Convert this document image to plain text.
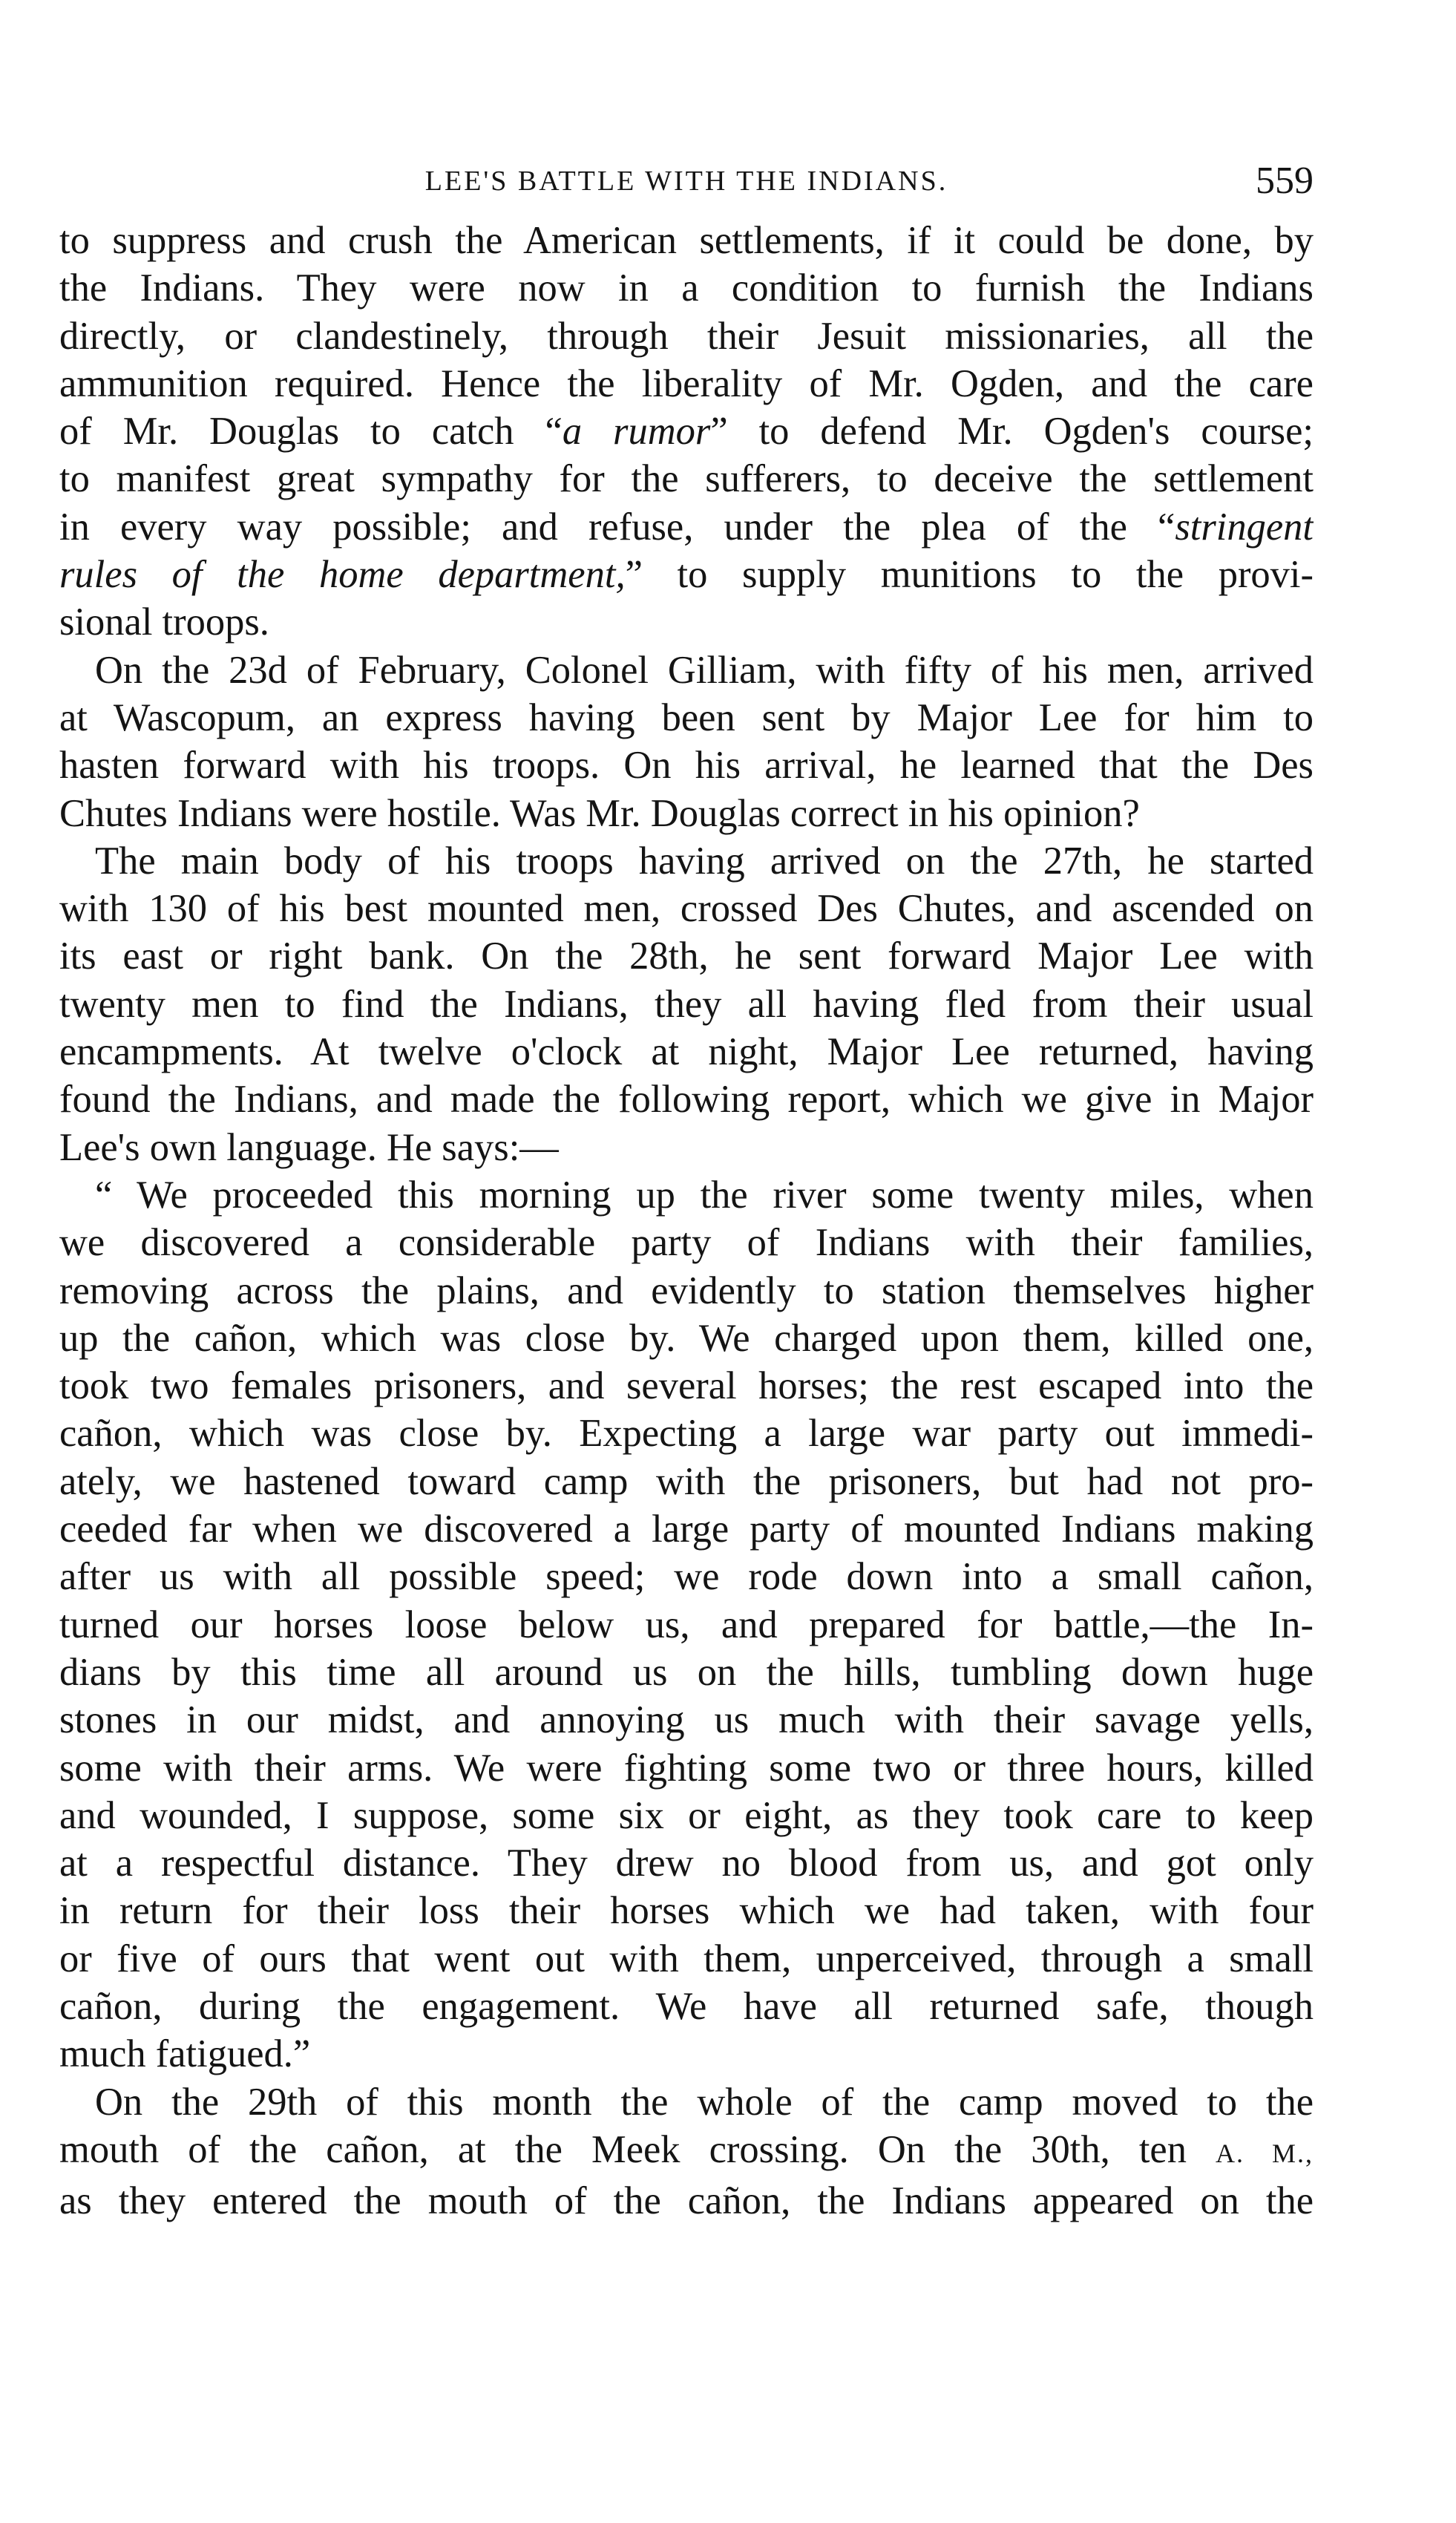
LEE'S BATTLE WITH THE INDIANS.	559

to suppress and crush the American settlements, if it could be done, by
the Indians. They were now in a condition to furnish the Indians
directly, or clandestinely, through their Jesuit missionaries, all the
ammunition required. Hence the liberality of Mr. Ogden, and the care
of Mr. Douglas to catch “a rumor” to defend Mr. Ogden's course;
to manifest great sympathy for the sufferers, to deceive the settlement
in every way possible; and refuse, under the plea of the “stringent
rules of the home department,” to supply munitions to the provi-
sional troops.

On the 23d of February, Colonel Gilliam, with fifty of his men, arrived
at Wascopum, an express having been sent by Major Lee for him to
hasten forward with his troops. On his arrival, he learned that the Des
Chutes Indians were hostile. Was Mr. Douglas correct in his opinion?

The main body of his troops having arrived on the 27th, he started
with 130 of his best mounted men, crossed Des Chutes, and ascended on
its east or right bank. On the 28th, he sent forward Major Lee with
twenty men to find the Indians, they all having fled from their usual
encampments. At twelve o'clock at night, Major Lee returned, having
found the Indians, and made the following report, which we give in Major
Lee's own language. He says:—

“ We proceeded this morning up the river some twenty miles, when
we discovered a considerable party of Indians with their families,
removing across the plains, and evidently to station themselves higher
up the cañon, which was close by. We charged upon them, killed one,
took two females prisoners, and several horses; the rest escaped into the
cañon, which was close by. Expecting a large war party out immedi-
ately, we hastened toward camp with the prisoners, but had not pro-
ceeded far when we discovered a large party of mounted Indians making
after us with all possible speed; we rode down into a small cañon,
turned our horses loose below us, and prepared for battle,—the In-
dians by this time all around us on the hills, tumbling down huge
stones in our midst, and annoying us much with their savage yells,
some with their arms. We were fighting some two or three hours, killed
and wounded, I suppose, some six or eight, as they took care to keep
at a respectful distance. They drew no blood from us, and got only
in return for their loss their horses which we had taken, with four
or five of ours that went out with them, unperceived, through a small
cañon, during the engagement. We have all returned safe, though
much fatigued.”

On the 29th of this month the whole of the camp moved to the
mouth of the cañon, at the Meek crossing. On the 30th, ten A. M.,
as they entered the mouth of the cañon, the Indians appeared on the
